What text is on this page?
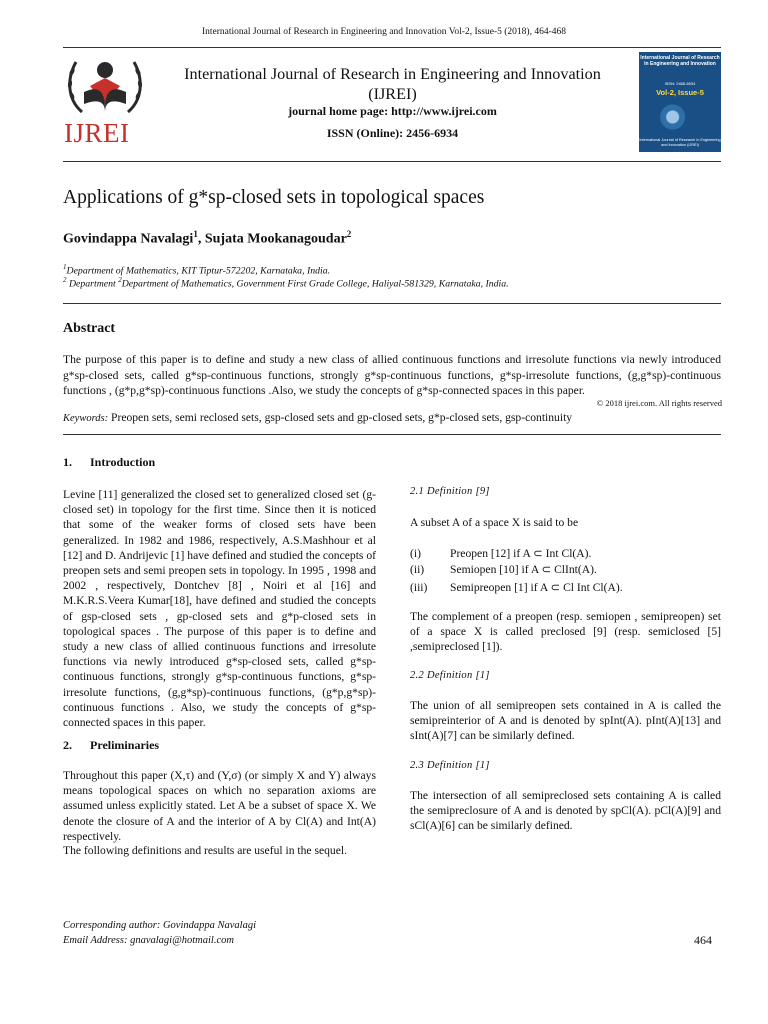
International Journal of Research in Engineering and Innovation Vol-2, Issue-5 (2018), 464-468
IJREI
International Journal of Research in Engineering and Innovation
(IJREI)
journal home page: http://www.ijrei.com
ISSN (Online): 2456-6934
International Journal of Research in Engineering and Innovation
ISSN: 2456-6934
Vol-2, Issue-5
International Journal of Research in Engineering and Innovation (IJREI)
Applications of g*sp-closed sets in topological spaces
Govindappa Navalagi$^1$, Sujata Mookanagoudar$^2$
$^1$Department of Mathematics, KIT Tiptur-572202, Karnataka, India.
$^2$ Department $^2$Department of Mathematics, Government First Grade College, Haliyal-581329, Karnataka, India.
Abstract
The purpose of this paper is to define and study a new class of allied continuous functions and irresolute functions via newly introduced g*sp-closed sets, called g*sp-continuous functions, strongly g*sp-continuous functions, g*sp-irresolute functions, (g,g*sp)-continuous functions , (g*p,g*sp)-continuous functions .Also, we study the concepts of g*sp-connected spaces in this paper.
© 2018 ijrei.com. All rights reserved
Keywords: Preopen sets, semi reclosed sets, gsp-closed sets and gp-closed sets, g*p-closed sets, gsp-continuity
1. Introduction
Levine [11] generalized the closed set to generalized closed set (g-closed set) in topology for the first time. Since then it is noticed that some of the weaker forms of closed sets have been generalized. In 1982 and 1986, respectively, A.S.Mashhour et al [12] and D. Andrijevic [1] have defined and studied the concepts of preopen sets and semi preopen sets in topology. In 1995 , 1998 and 2002 , respectively, Dontchev [8] , Noiri et al [16] and M.K.R.S.Veera Kumar[18], have defined and studied the concepts of gsp-closed sets , gp-closed sets and g*p-closed sets in topological spaces . The purpose of this paper is to define and study a new class of allied continuous functions and irresolute functions via newly introduced g*sp-closed sets, called g*sp-continuous functions, strongly g*sp-continuous functions, g*sp-irresolute functions, (g,g*sp)-continuous functions, (g*p,g*sp)-continuous functions . Also, we study the concepts of g*sp-connected spaces in this paper.
2. Preliminaries
Throughout this paper (X,τ) and (Y,σ) (or simply X and Y) always means topological spaces on which no separation axioms are assumed unless explicitly stated. Let A be a subset of space X. We denote the closure of A and the interior of A by Cl(A) and Int(A) respectively.
The following definitions and results are useful in the sequel.
2.1 Definition [9]
A subset A of a space X is said to be
(i)	Preopen [12] if A ⊂ Int Cl(A).
(ii) Semiopen [10] if A ⊂ ClInt(A).
(iii) Semipreopen [1] if A ⊂ Cl Int Cl(A).
The complement of a preopen (resp. semiopen , semipreopen) set of a space X is called preclosed [9] (resp. semiclosed [5] ,semipreclosed [1]).
2.2 Definition [1]
The union of all semipreopen sets contained in A is called the semipreinterior of A and is denoted by spInt(A). pInt(A)[13] and sInt(A)[7] can be similarly defined.
2.3 Definition [1]
The intersection of all semipreclosed sets containing A is called the semipreclosure of A and is denoted by spCl(A). pCl(A)[9] and sCl(A)[6] can be similarly defined.
Corresponding author: Govindappa Navalagi
Email Address: gnavalagi@hotmail.com	464
